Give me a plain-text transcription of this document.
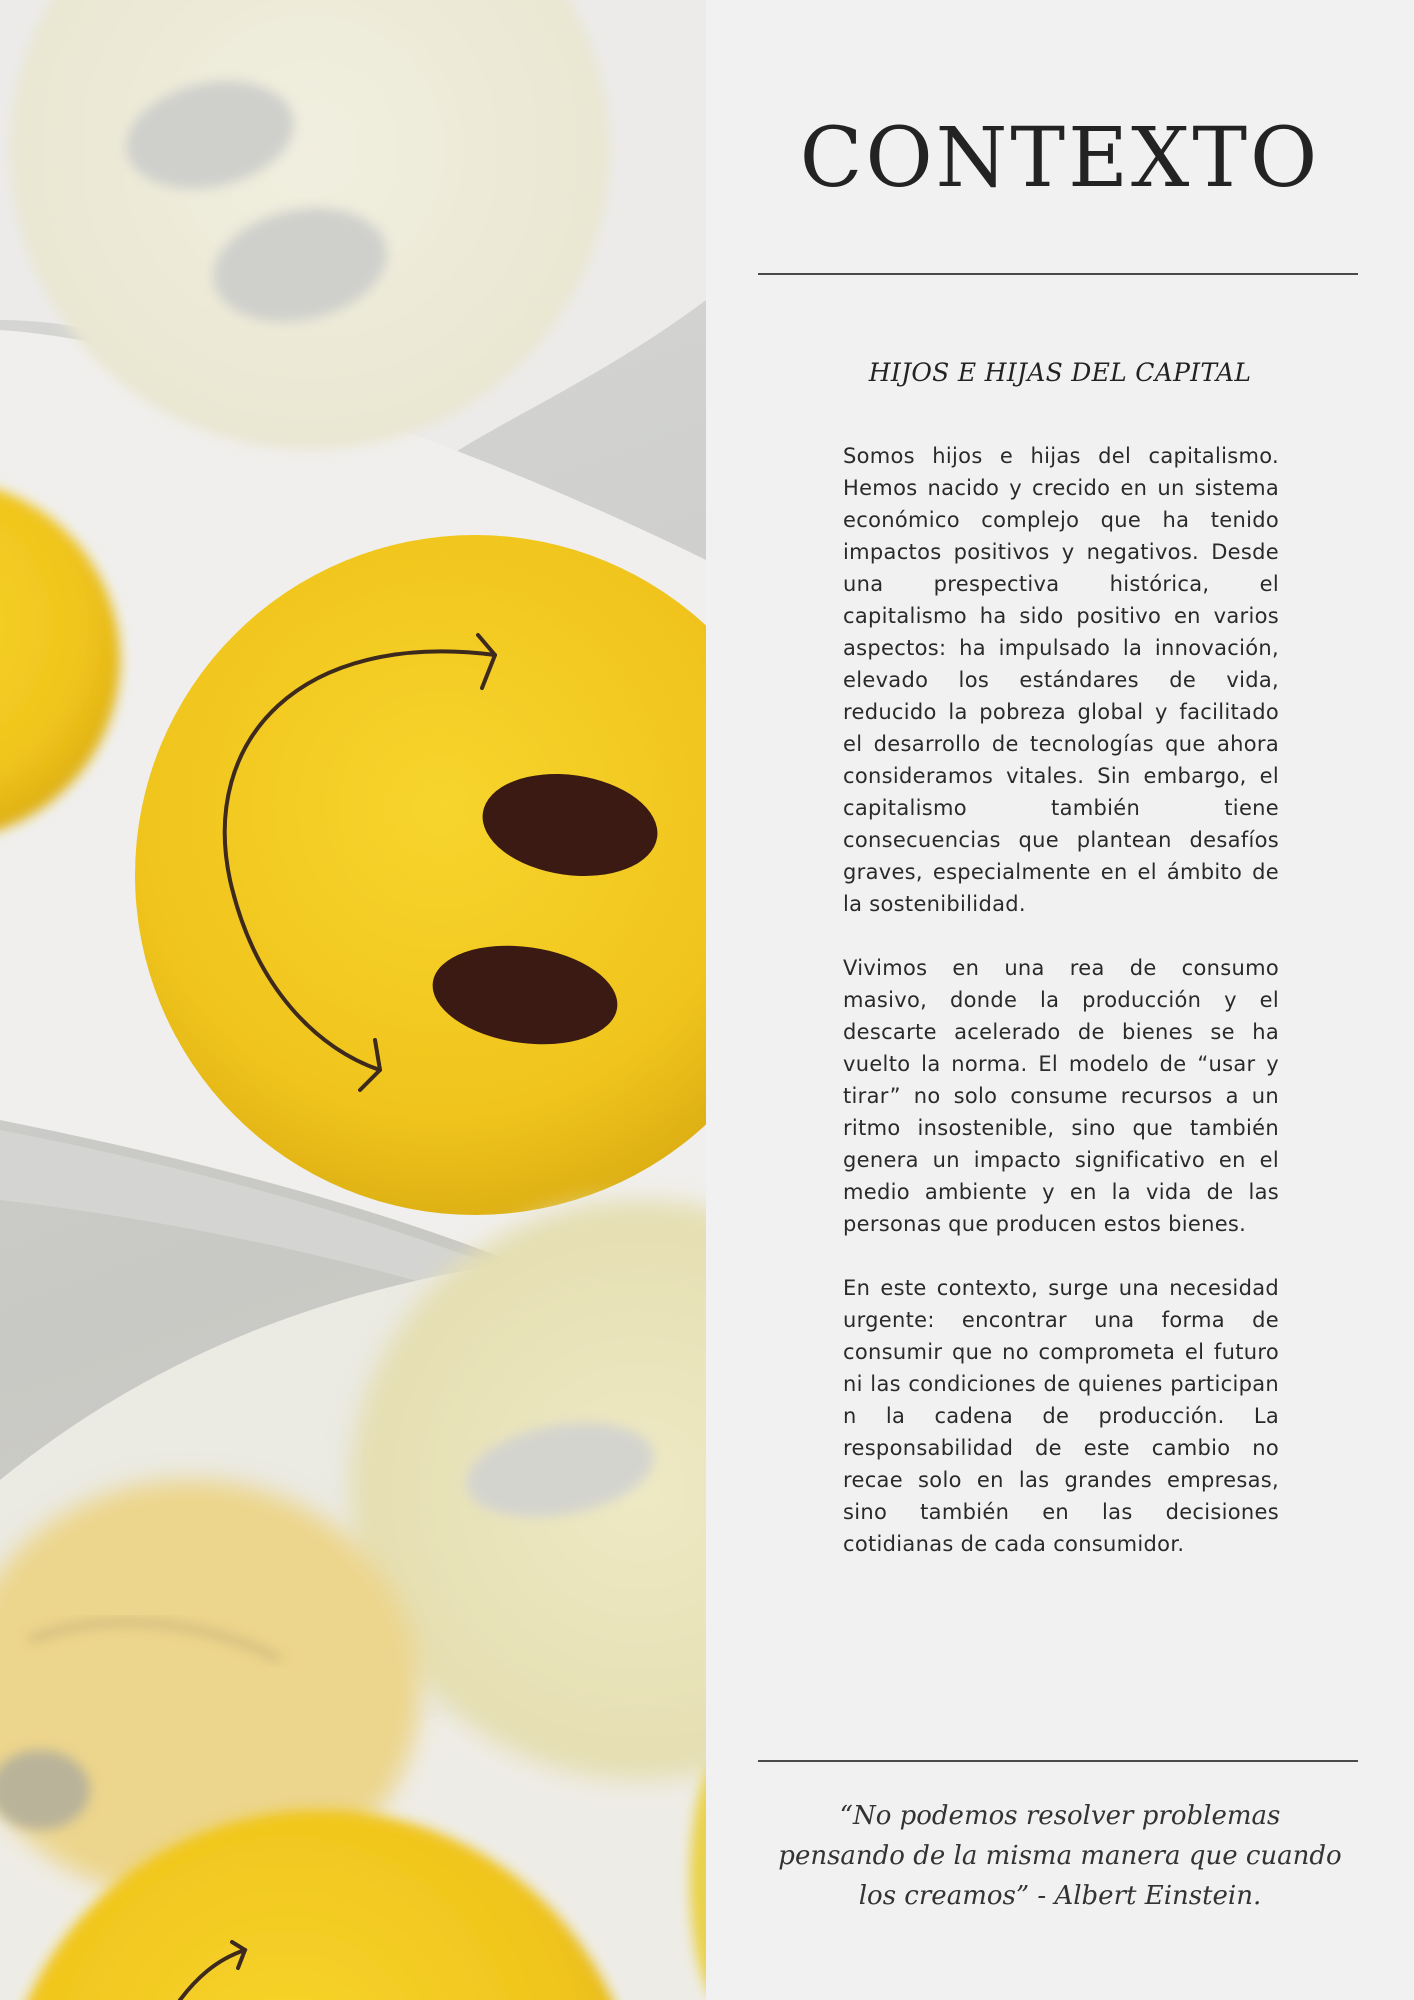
CONTEXTO
HIJOS E HIJAS DEL CAPITAL

Somos hijos e hijas del capitalismo. Hemos nacido y crecido en un sistema económico complejo que ha tenido impactos positivos y negativos. Desde una prespectiva histórica, el capitalismo ha sido positivo en varios aspectos: ha impulsado la innovación, elevado los estándares de vida, reducido la pobreza global y facilitado el desarrollo de tecnologías que ahora consideramos vitales. Sin embargo, el capitalismo también tiene consecuencias que plantean desafíos graves, especialmente en el ámbito de la sostenibilidad.

Vivimos en una rea de consumo masivo, donde la producción y el descarte acelerado de bienes se ha vuelto la norma. El modelo de “usar y tirar” no solo consume recursos a un ritmo insostenible, sino que también genera un impacto significativo en el medio ambiente y en la vida de las personas que producen estos bienes.

En este contexto, surge una necesidad urgente: encontrar una forma de consumir que no comprometa el futuro ni las condiciones de quienes participan n la cadena de producción. La responsabilidad de este cambio no recae solo en las grandes empresas, sino también en las decisiones cotidianas de cada consumidor.

“No podemos resolver problemas pensando de la misma manera que cuando los creamos” - Albert Einstein.
